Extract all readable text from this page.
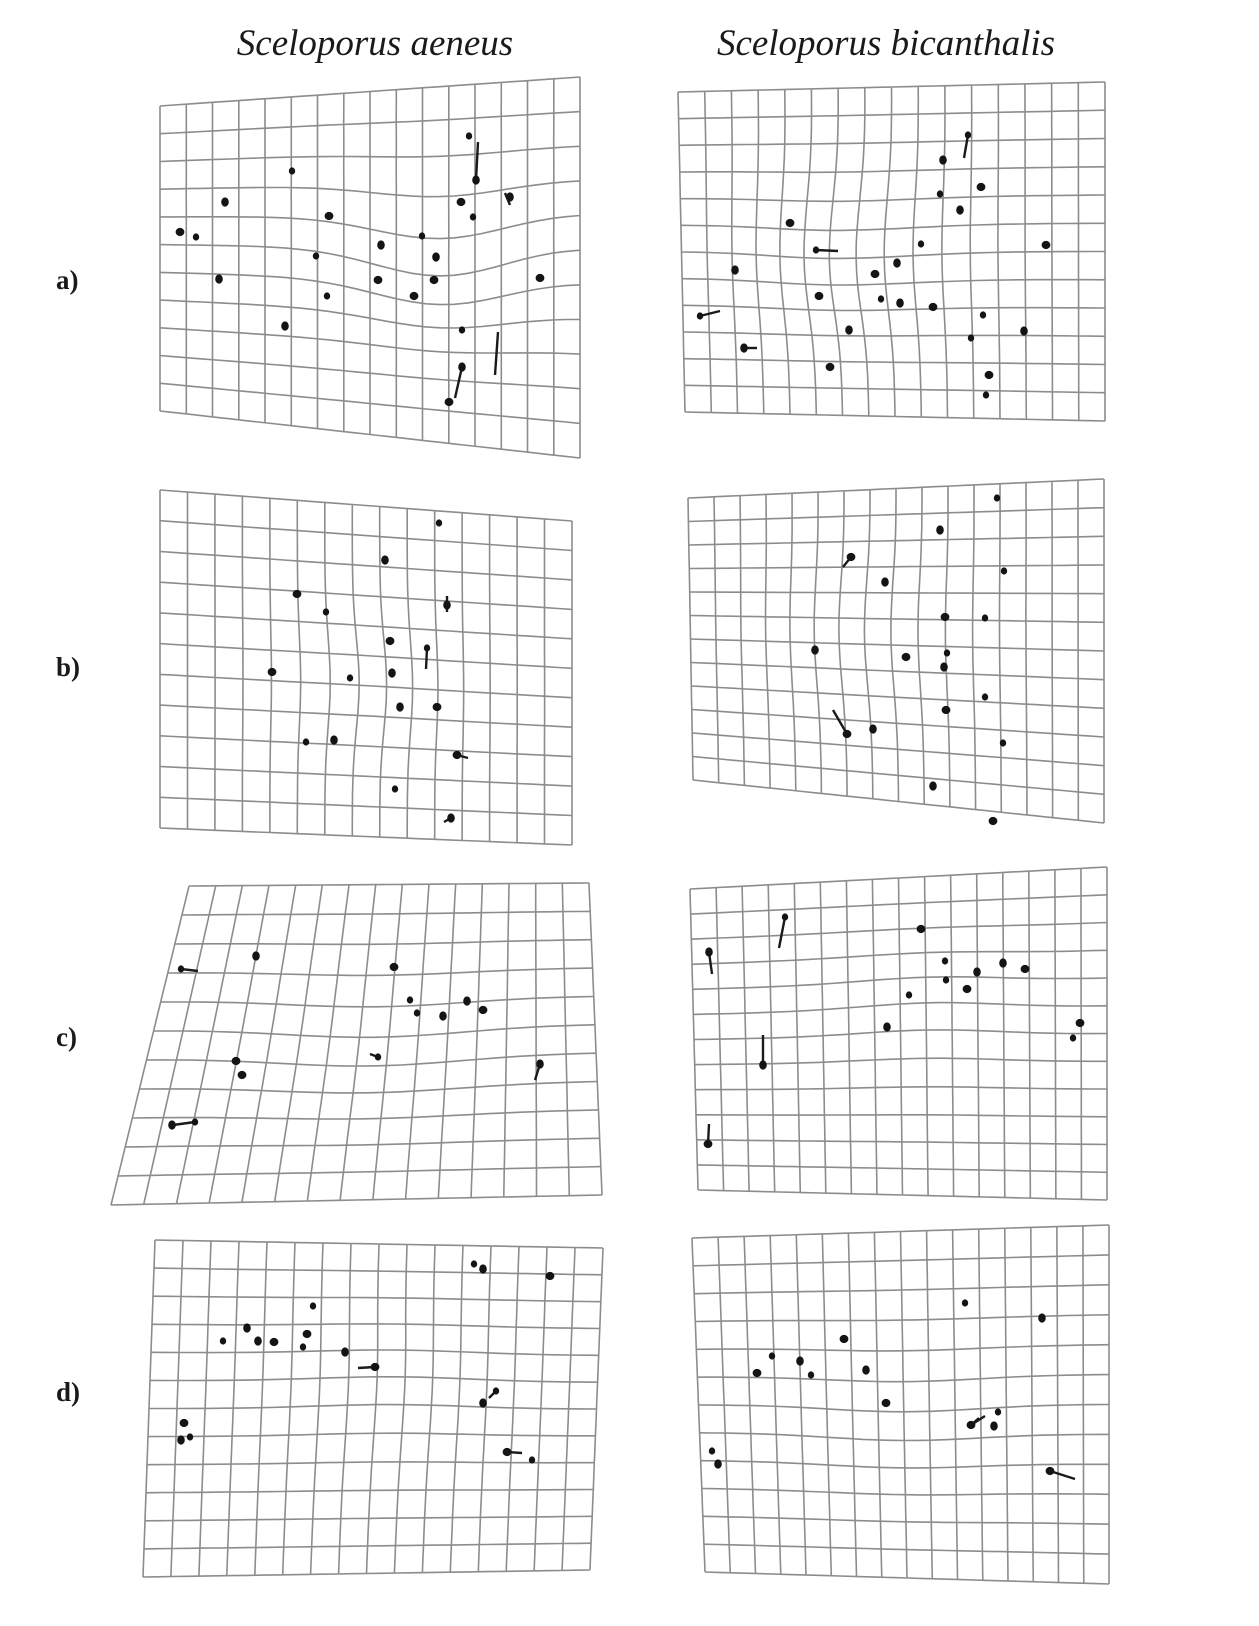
Sceloporus aeneus	Sceloporus bicanthalis
a)
b)
c)
d)
